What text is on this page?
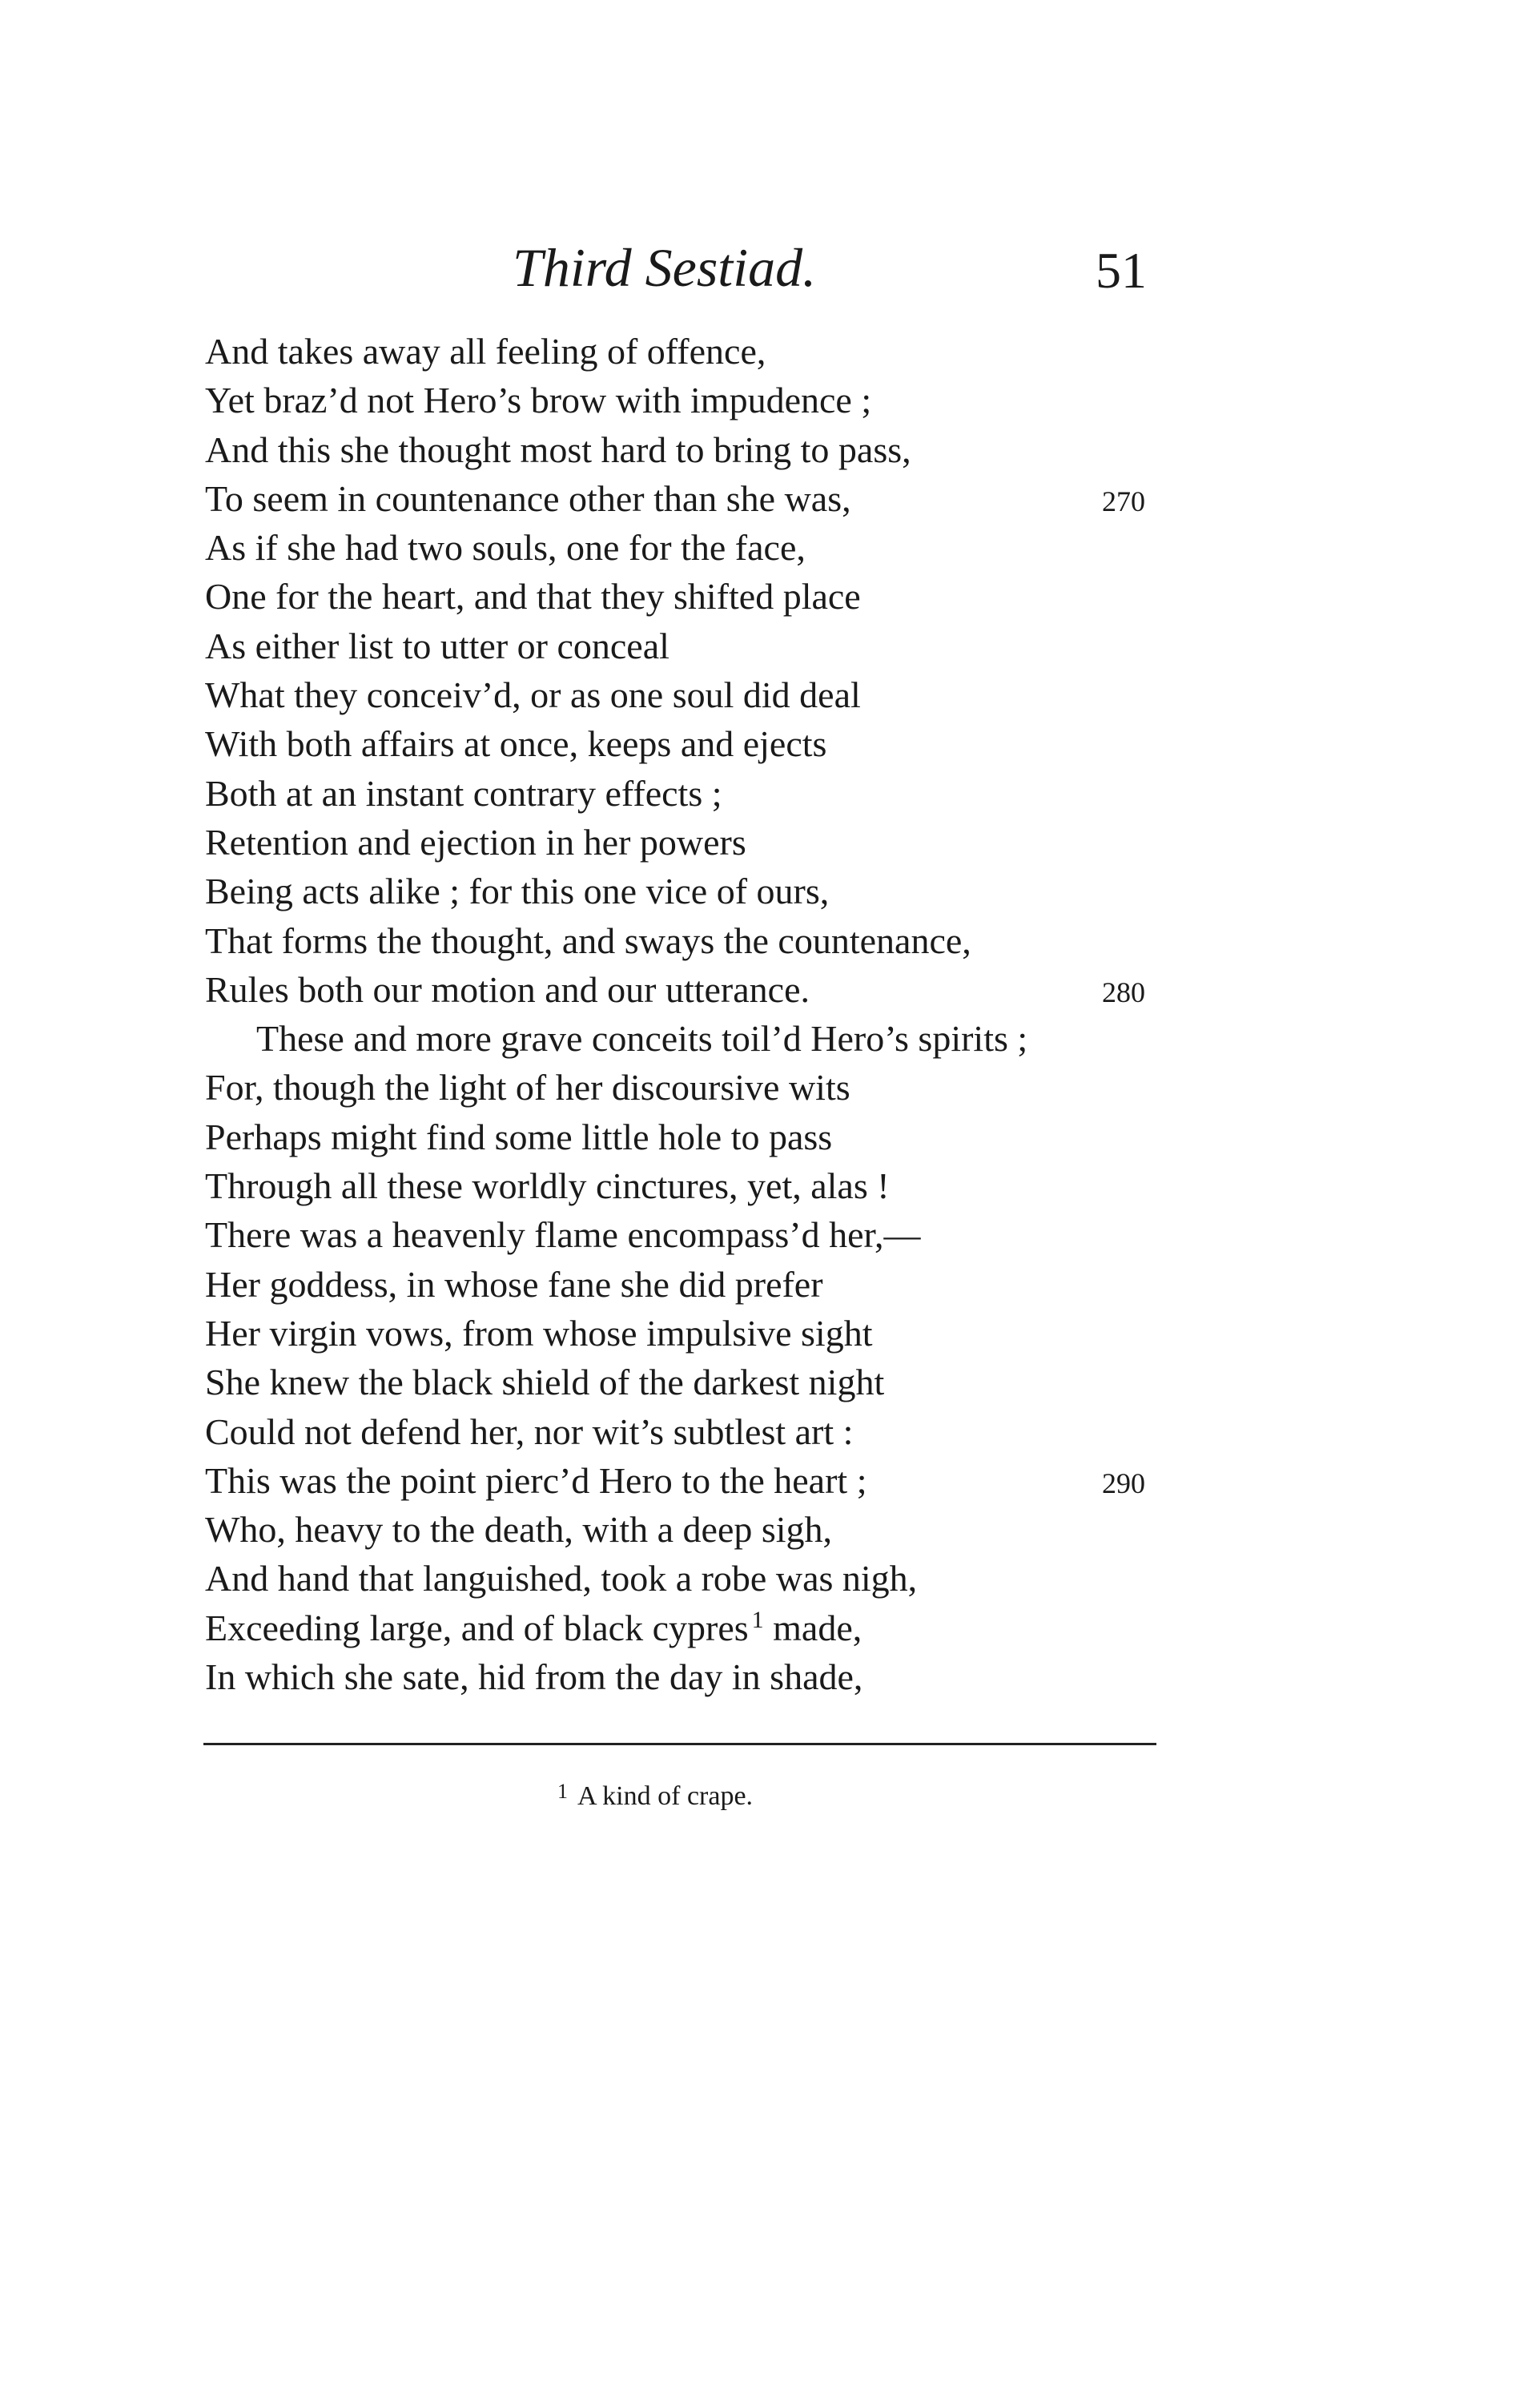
Third Sestiad.	51
And takes away all feeling of offence,
Yet braz’d not Hero’s brow with impudence ;
And this she thought most hard to bring to pass,
To seem in countenance other than she was,	270
As if she had two souls, one for the face,
One for the heart, and that they shifted place
As either list to utter or conceal
What they conceiv’d, or as one soul did deal
With both affairs at once, keeps and ejects
Both at an instant contrary effects ;
Retention and ejection in her powers
Being acts alike ; for this one vice of ours,
That forms the thought, and sways the countenance,
Rules both our motion and our utterance.	280
These and more grave conceits toil’d Hero’s spirits ;
For, though the light of her discoursive wits
Perhaps might find some little hole to pass
Through all these worldly cinctures, yet, alas !
There was a heavenly flame encompass’d her,—
Her goddess, in whose fane she did prefer
Her virgin vows, from whose impulsive sight
She knew the black shield of the darkest night
Could not defend her, nor wit’s subtlest art :
This was the point pierc’d Hero to the heart ;	290
Who, heavy to the death, with a deep sigh,
And hand that languished, took a robe was nigh,
Exceeding large, and of black cypres $^1$ made,
In which she sate, hid from the day in shade,
$^1$ A kind of crape.
